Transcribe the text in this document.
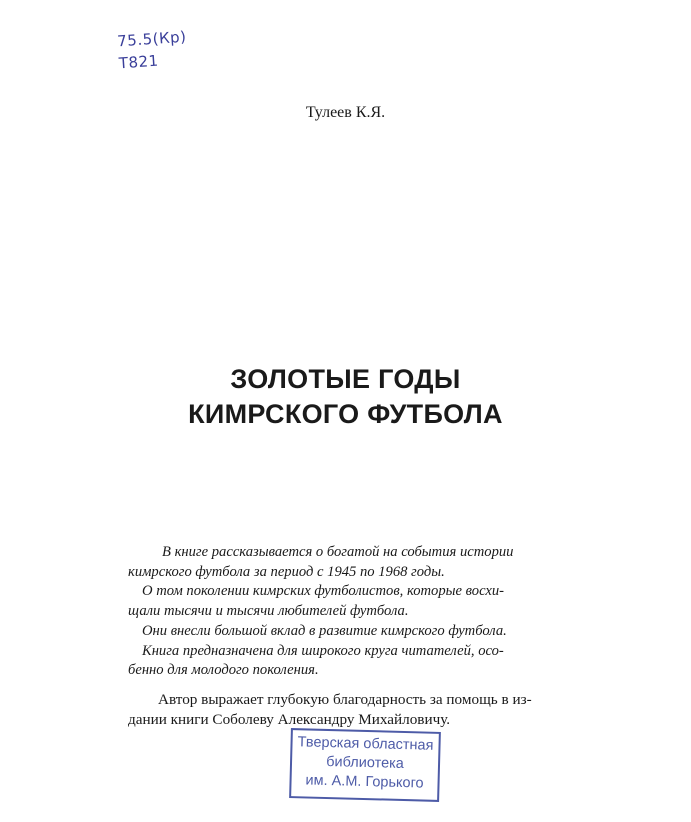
75.5(Кр)
Т821
Тулеев К.Я.
ЗОЛОТЫЕ ГОДЫ
КИМРСКОГО ФУТБОЛА
В книге рассказывается о богатой на события истории
кимрского футбола за период с 1945 по 1968 годы.
О том поколении кимрских футболистов, которые восхи-
щали тысячи и тысячи любителей футбола.
Они внесли большой вклад в развитие кимрского футбола.
Книга предназначена для широкого круга читателей, осо-
бенно для молодого поколения.
Автор выражает глубокую благодарность за помощь в из-
дании книги Соболеву Александру Михайловичу.
Тверская областная
библиотека
им. А.М. Горького
